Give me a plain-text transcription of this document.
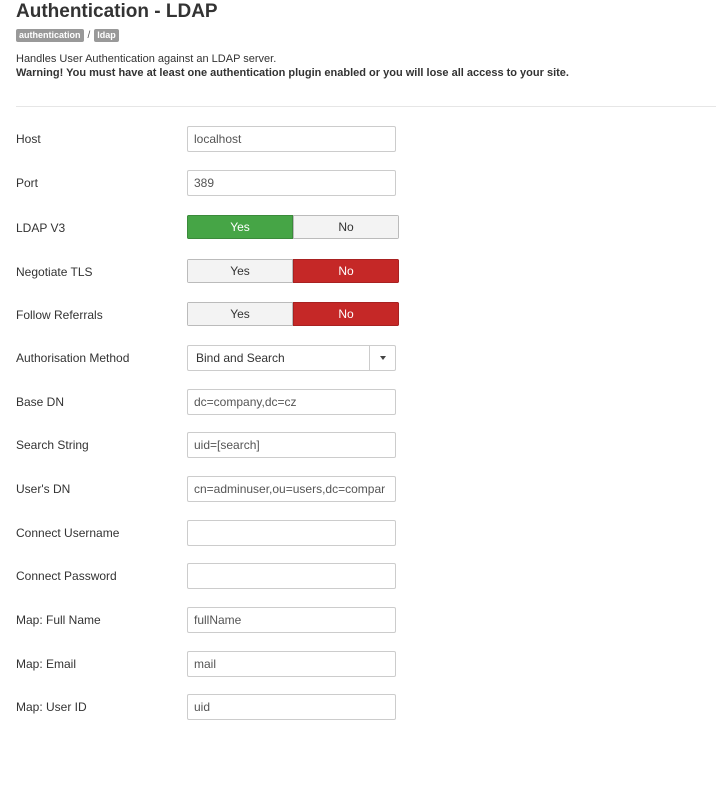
Authentication - LDAP
authentication / ldap
Handles User Authentication against an LDAP server.
Warning! You must have at least one authentication plugin enabled or you will lose all access to your site.
Host	localhost
Port	389
LDAP V3	Yes	No
Negotiate TLS	Yes	No
Follow Referrals	Yes	No
Authorisation Method	Bind and Search
Base DN	dc=company,dc=cz
Search String	uid=[search]
User's DN	cn=adminuser,ou=users,dc=compar
Connect Username
Connect Password
Map: Full Name	fullName
Map: Email	mail
Map: User ID	uid
